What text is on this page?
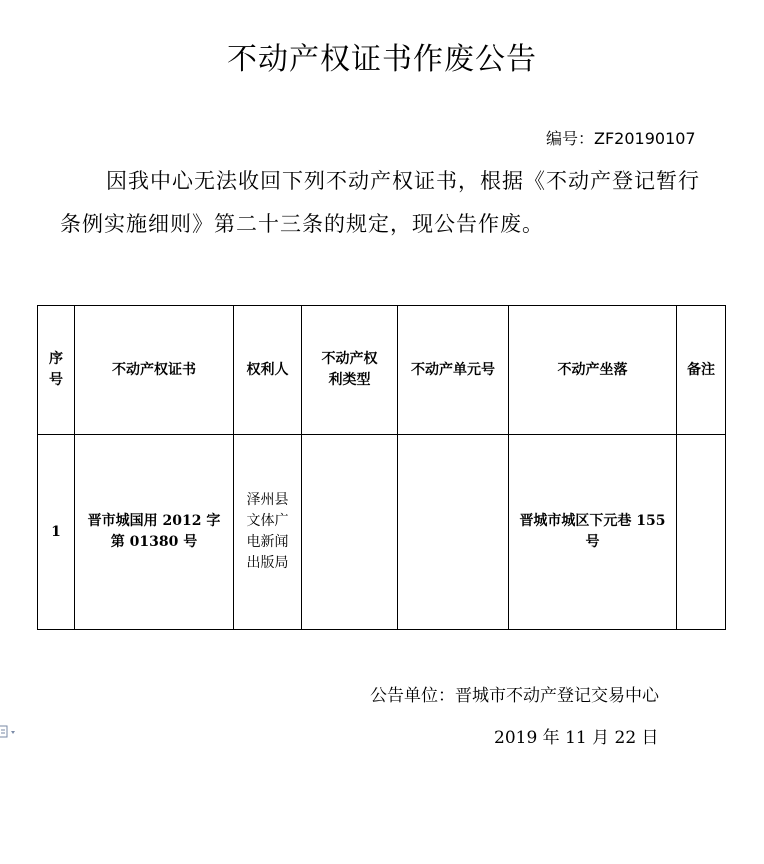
不动产权证书作废公告
编号：ZF20190107
因我中心无法收回下列不动产权证书，根据《不动产登记暂行条例实施细则》第二十三条的规定，现公告作废。
序号	不动产权证书	权利人	不动产权利类型	不动产单元号	不动产坐落	备注
1	晋市城国用 2012 字第 01380 号	泽州县文体广电新闻出版局			晋城市城区下元巷 155 号	
公告单位：晋城市不动产登记交易中心
2019 年 11 月 22 日
